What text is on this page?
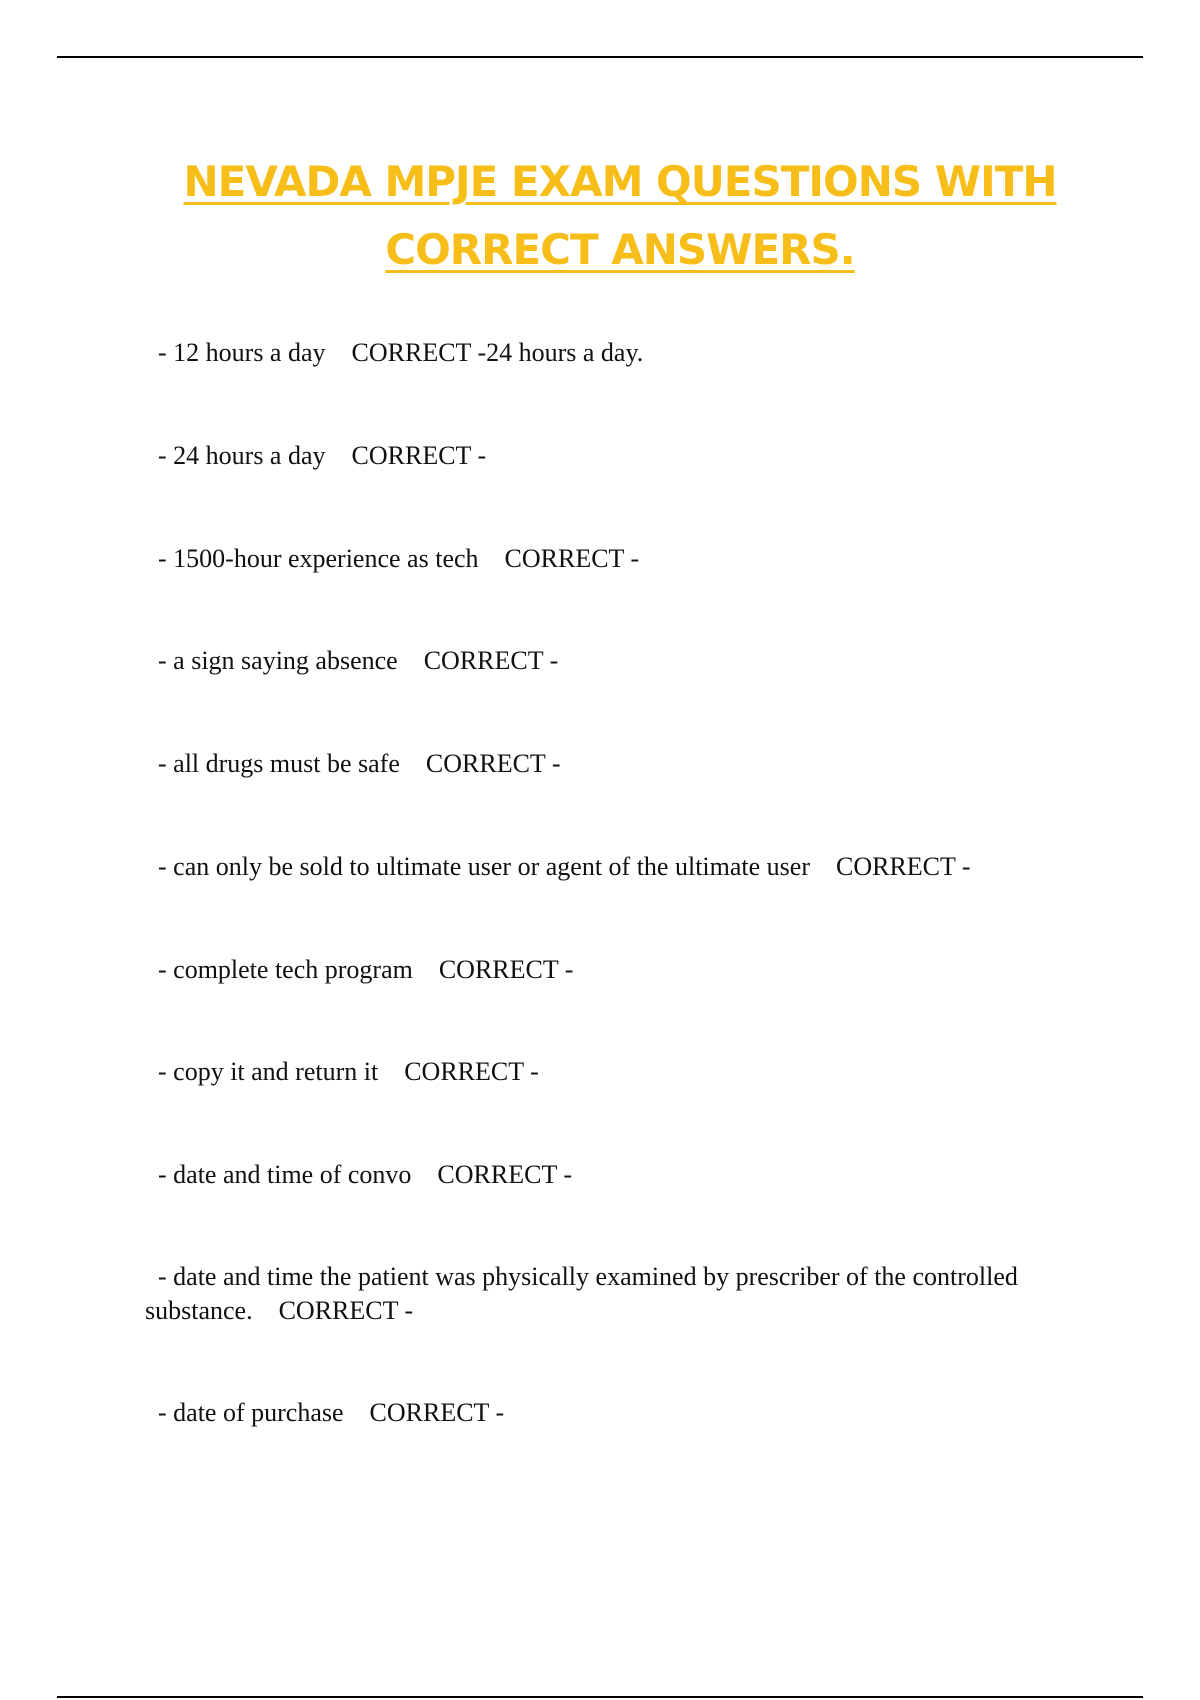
NEVADA MPJE EXAM QUESTIONS WITH
CORRECT ANSWERS.

- 12 hours a day CORRECT -24 hours a day.

- 24 hours a day CORRECT -

- 1500-hour experience as tech CORRECT -

- a sign saying absence CORRECT -

- all drugs must be safe CORRECT -

- can only be sold to ultimate user or agent of the ultimate user CORRECT -

- complete tech program CORRECT -

- copy it and return it CORRECT -

- date and time of convo CORRECT -

- date and time the patient was physically examined by prescriber of the controlled substance. CORRECT -

- date of purchase CORRECT -
